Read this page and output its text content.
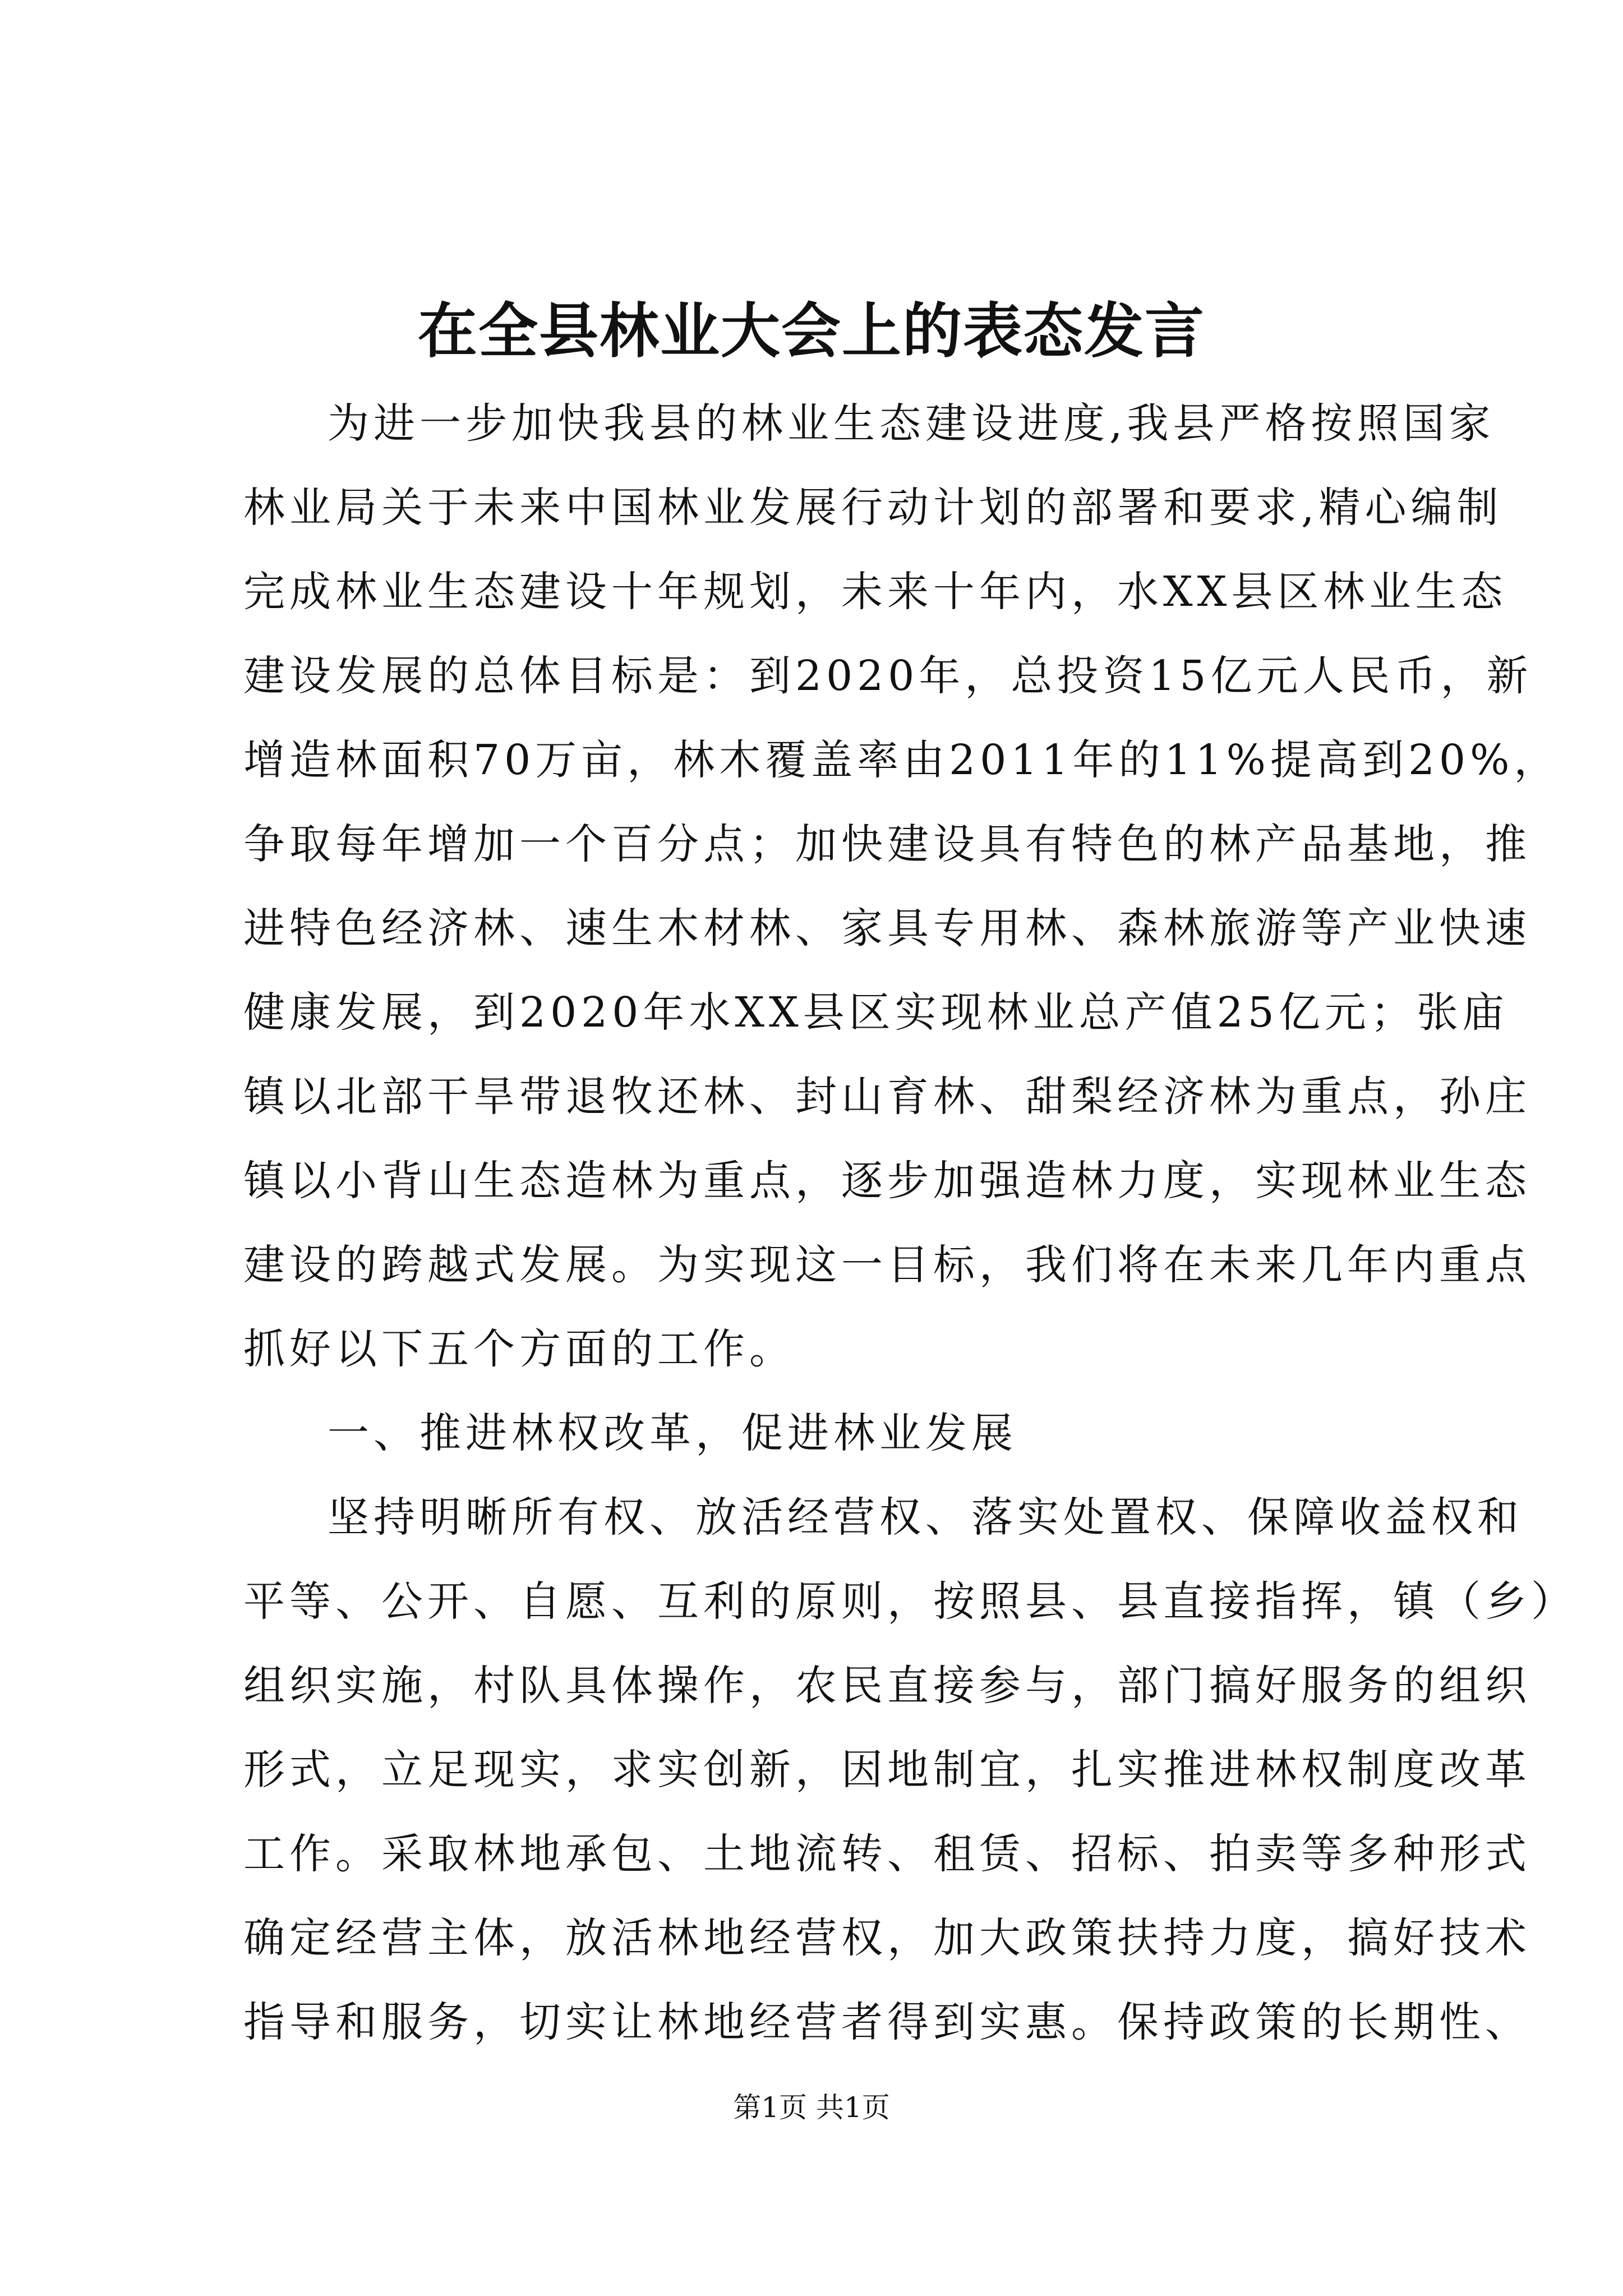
在全县林业大会上的表态发言
为进一步加快我县的林业生态建设进度,我县严格按照国家
林业局关于未来中国林业发展行动计划的部署和要求,精心编制
完成林业生态建设十年规划，未来十年内，水XX县区林业生态
建设发展的总体目标是：到2020年，总投资15亿元人民币，新
增造林面积70万亩，林木覆盖率由2011年的11%提高到20%，
争取每年增加一个百分点；加快建设具有特色的林产品基地，推
进特色经济林、速生木材林、家具专用林、森林旅游等产业快速
健康发展，到2020年水XX县区实现林业总产值25亿元；张庙
镇以北部干旱带退牧还林、封山育林、甜梨经济林为重点，孙庄
镇以小背山生态造林为重点，逐步加强造林力度，实现林业生态
建设的跨越式发展。为实现这一目标，我们将在未来几年内重点
抓好以下五个方面的工作。
一、推进林权改革，促进林业发展
坚持明晰所有权、放活经营权、落实处置权、保障收益权和
平等、公开、自愿、互利的原则，按照县、县直接指挥，镇（乡）
组织实施，村队具体操作，农民直接参与，部门搞好服务的组织
形式，立足现实，求实创新，因地制宜，扎实推进林权制度改革
工作。采取林地承包、土地流转、租赁、招标、拍卖等多种形式
确定经营主体，放活林地经营权，加大政策扶持力度，搞好技术
指导和服务，切实让林地经营者得到实惠。保持政策的长期性、
第1页 共1页
